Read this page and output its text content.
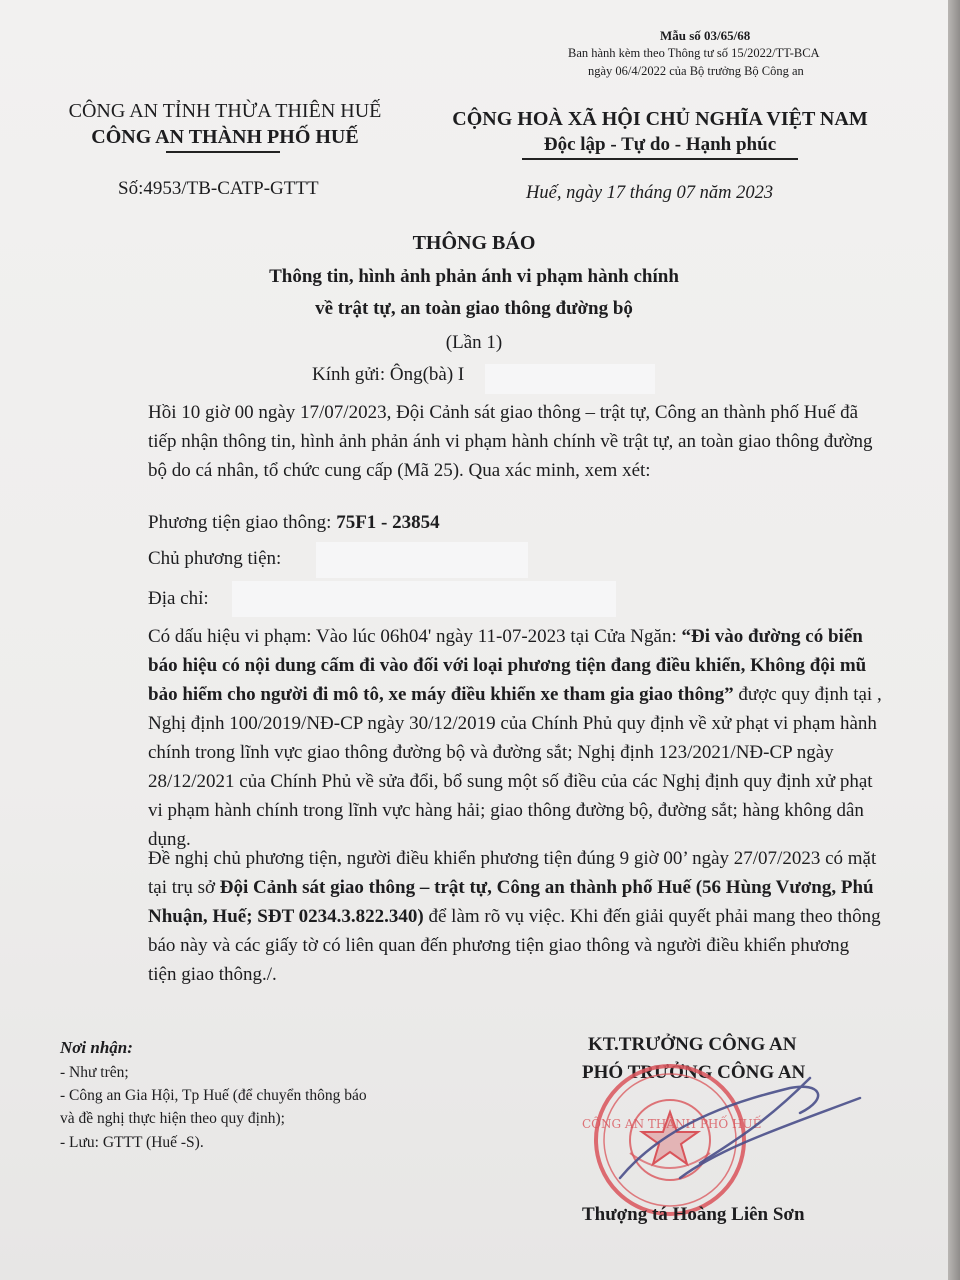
Mẫu số 03/65/68
Ban hành kèm theo Thông tư số 15/2022/TT-BCA
ngày 06/4/2022 của Bộ trưởng Bộ Công an
CÔNG AN TỈNH THỪA THIÊN HUẾ
CÔNG AN THÀNH PHỐ HUẾ
Số:4953/TB-CATP-GTTT
CỘNG HOÀ XÃ HỘI CHỦ NGHĨA VIỆT NAM
Độc lập - Tự do - Hạnh phúc
Huế, ngày 17 tháng 07 năm 2023
THÔNG BÁO
Thông tin, hình ảnh phản ánh vi phạm hành chính
về trật tự, an toàn giao thông đường bộ
(Lần 1)
Kính gửi: Ông(bà) I
Hồi 10 giờ 00 ngày 17/07/2023, Đội Cảnh sát giao thông – trật tự, Công an thành phố Huế đã tiếp nhận thông tin, hình ảnh phản ánh vi phạm hành chính về trật tự, an toàn giao thông đường bộ do cá nhân, tổ chức cung cấp (Mã 25). Qua xác minh, xem xét:
Phương tiện giao thông: 75F1 - 23854
Chủ phương tiện:
Địa chỉ:
Có dấu hiệu vi phạm: Vào lúc 06h04' ngày 11-07-2023 tại Cửa Ngăn: “Đi vào đường có biển báo hiệu có nội dung cấm đi vào đối với loại phương tiện đang điều khiển, Không đội mũ bảo hiểm cho người đi mô tô, xe máy điều khiển xe tham gia giao thông” được quy định tại , Nghị định 100/2019/NĐ-CP ngày 30/12/2019 của Chính Phủ quy định về xử phạt vi phạm hành chính trong lĩnh vực giao thông đường bộ và đường sắt; Nghị định 123/2021/NĐ-CP ngày 28/12/2021 của Chính Phủ về sửa đổi, bổ sung một số điều của các Nghị định quy định xử phạt vi phạm hành chính trong lĩnh vực hàng hải; giao thông đường bộ, đường sắt; hàng không dân dụng.
Đề nghị chủ phương tiện, người điều khiển phương tiện đúng 9 giờ 00’ ngày 27/07/2023 có mặt tại trụ sở Đội Cảnh sát giao thông – trật tự, Công an thành phố Huế (56 Hùng Vương, Phú Nhuận, Huế; SĐT 0234.3.822.340) để làm rõ vụ việc. Khi đến giải quyết phải mang theo thông báo này và các giấy tờ có liên quan đến phương tiện giao thông và người điều khiển phương tiện giao thông./.
Nơi nhận:
- Như trên;
- Công an Gia Hội, Tp Huế (để chuyển thông báo
và đề nghị thực hiện theo quy định);
- Lưu: GTTT (Huế -S).
KT.TRƯỞNG CÔNG AN
PHÓ TRƯỞNG CÔNG AN
CÔNG AN THÀNH PHỐ HUẾ
Thượng tá Hoàng Liên Sơn
